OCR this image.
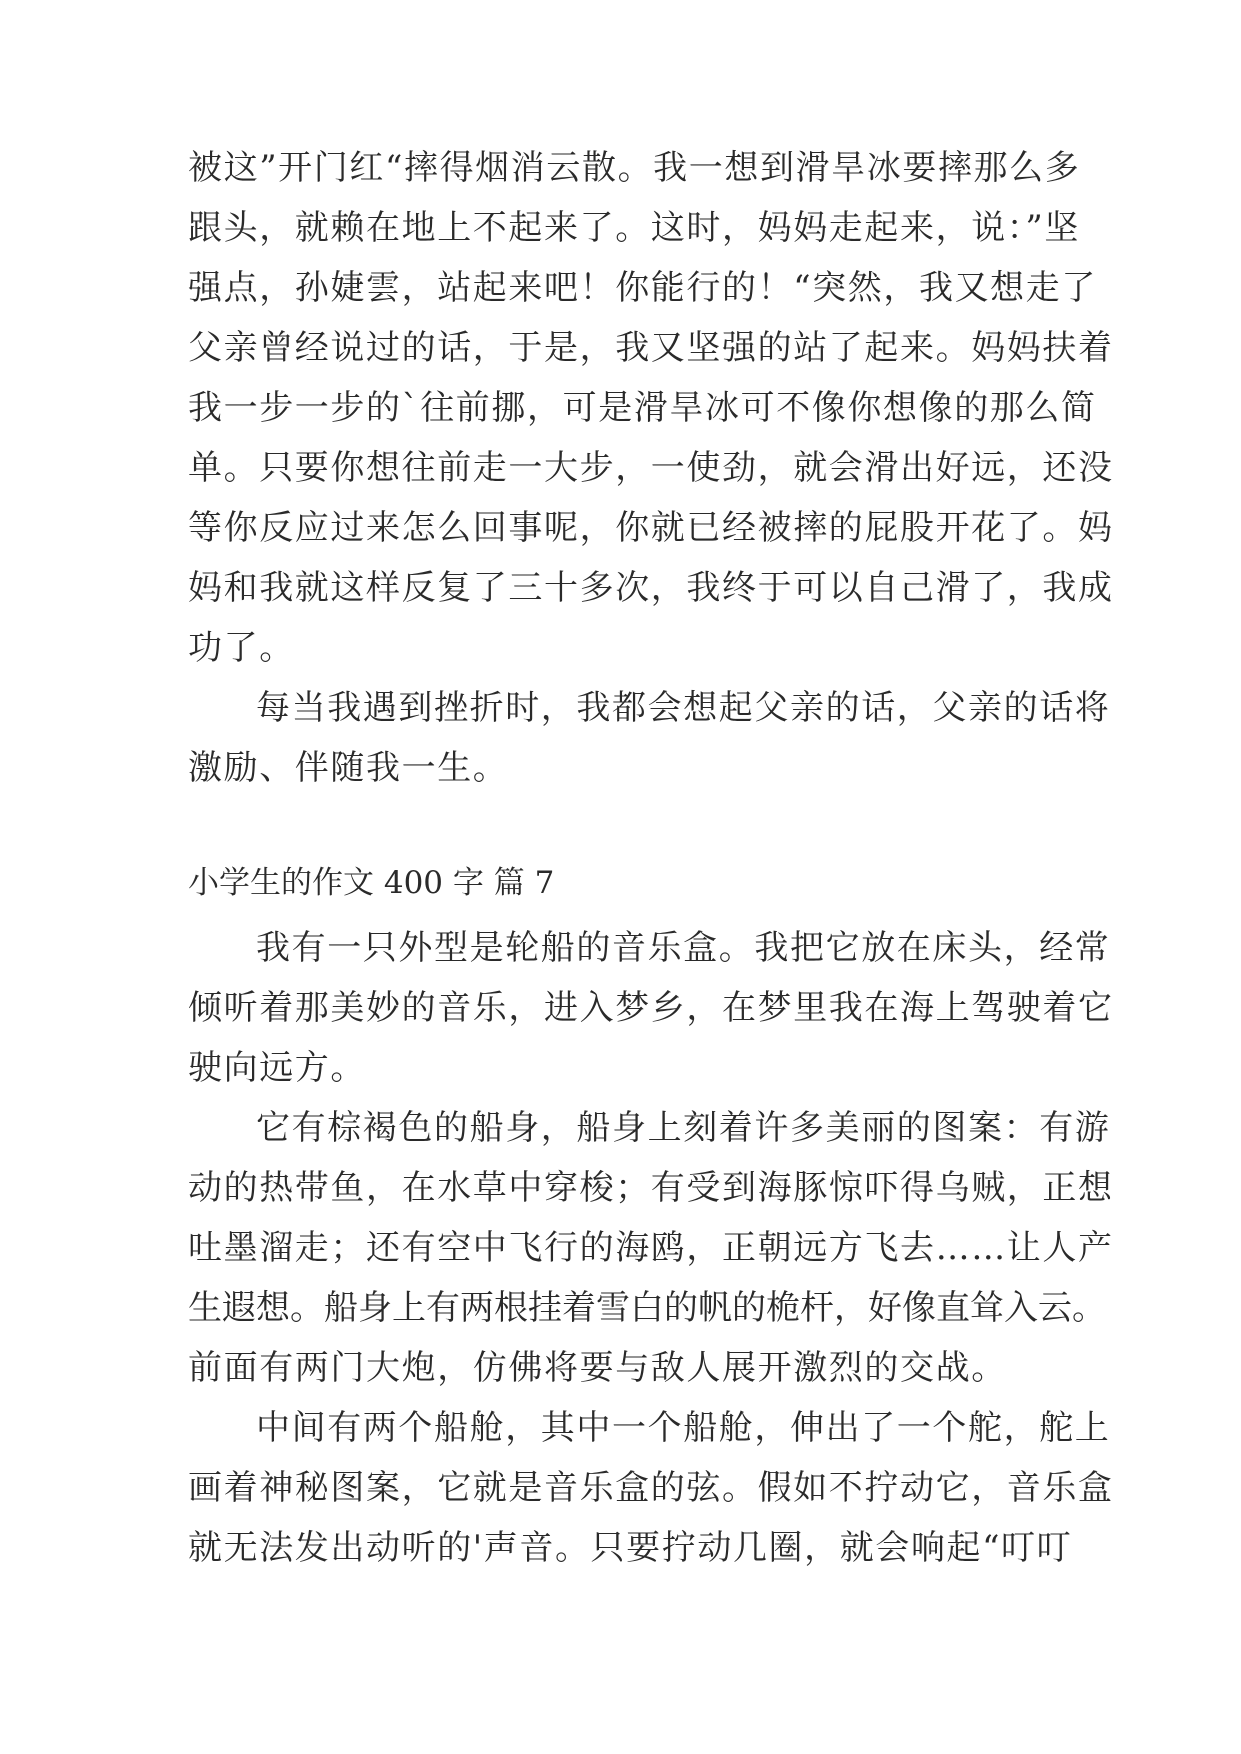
被这”开门红“摔得烟消云散。我一想到滑旱冰要摔那么多
跟头，就赖在地上不起来了。这时，妈妈走起来，说：”坚
强点，孙婕雲，站起来吧！你能行的！“突然，我又想走了
父亲曾经说过的话，于是，我又坚强的站了起来。妈妈扶着
我一步一步的`往前挪，可是滑旱冰可不像你想像的那么简
单。只要你想往前走一大步，一使劲，就会滑出好远，还没
等你反应过来怎么回事呢，你就已经被摔的屁股开花了。妈
妈和我就这样反复了三十多次，我终于可以自己滑了，我成
功了。
每当我遇到挫折时，我都会想起父亲的话，父亲的话将
激励、伴随我一生。
小学生的作文 400 字 篇 7
我有一只外型是轮船的音乐盒。我把它放在床头，经常
倾听着那美妙的音乐，进入梦乡，在梦里我在海上驾驶着它
驶向远方。
它有棕褐色的船身，船身上刻着许多美丽的图案：有游
动的热带鱼，在水草中穿梭；有受到海豚惊吓得乌贼，正想
吐墨溜走；还有空中飞行的海鸥，正朝远方飞去……让人产
生遐想。船身上有两根挂着雪白的帆的桅杆，好像直耸入云。
前面有两门大炮，仿佛将要与敌人展开激烈的交战。
中间有两个船舱，其中一个船舱，伸出了一个舵，舵上
画着神秘图案，它就是音乐盒的弦。假如不拧动它，音乐盒
就无法发出动听的'声音。只要拧动几圈，就会响起“叮叮
